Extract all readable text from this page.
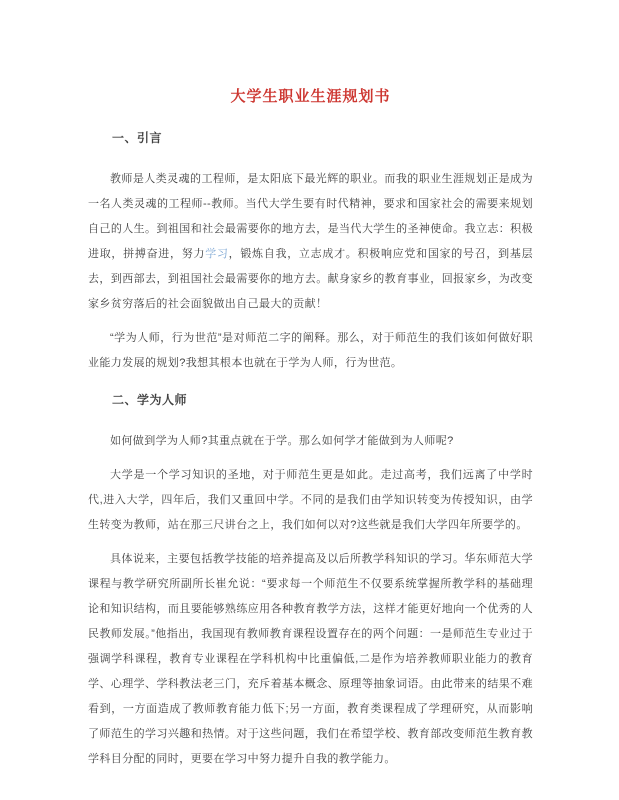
大学生职业生涯规划书
一、引言

教师是人类灵魂的工程师，是太阳底下最光辉的职业。而我的职业生涯规划正是成为一名人类灵魂的工程师--教师。当代大学生要有时代精神，要求和国家社会的需要来规划自己的人生。到祖国和社会最需要你的地方去，是当代大学生的圣神使命。我立志：积极进取，拼搏奋进，努力学习，锻炼自我，立志成才。积极响应党和国家的号召，到基层去，到西部去，到祖国社会最需要你的地方去。献身家乡的教育事业，回报家乡，为改变家乡贫穷落后的社会面貌做出自己最大的贡献！

“学为人师，行为世范”是对师范二字的阐释。那么，对于师范生的我们该如何做好职业能力发展的规划?我想其根本也就在于学为人师，行为世范。

二、学为人师

如何做到学为人师?其重点就在于学。那么如何学才能做到为人师呢?

大学是一个学习知识的圣地，对于师范生更是如此。走过高考，我们远离了中学时代,进入大学，四年后，我们又重回中学。不同的是我们由学知识转变为传授知识，由学生转变为教师，站在那三尺讲台之上，我们如何以对?这些就是我们大学四年所要学的。

具体说来，主要包括教学技能的培养提高及以后所教学科知识的学习。华东师范大学课程与教学研究所副所长崔允说：“要求每一个师范生不仅要系统掌握所教学科的基础理论和知识结构，而且要能够熟练应用各种教育教学方法，这样才能更好地向一个优秀的人民教师发展。”他指出，我国现有教师教育课程设置存在的两个问题：一是师范生专业过于强调学科课程，教育专业课程在学科机构中比重偏低,二是作为培养教师职业能力的教育学、心理学、学科教法老三门，充斥着基本概念、原理等抽象词语。由此带来的结果不难看到，一方面造成了教师教育能力低下;另一方面，教育类课程成了学理研究，从而影响了师范生的学习兴趣和热情。对于这些问题，我们在希望学校、教育部改变师范生教育教学科目分配的同时，更要在学习中努力提升自我的教学能力。
